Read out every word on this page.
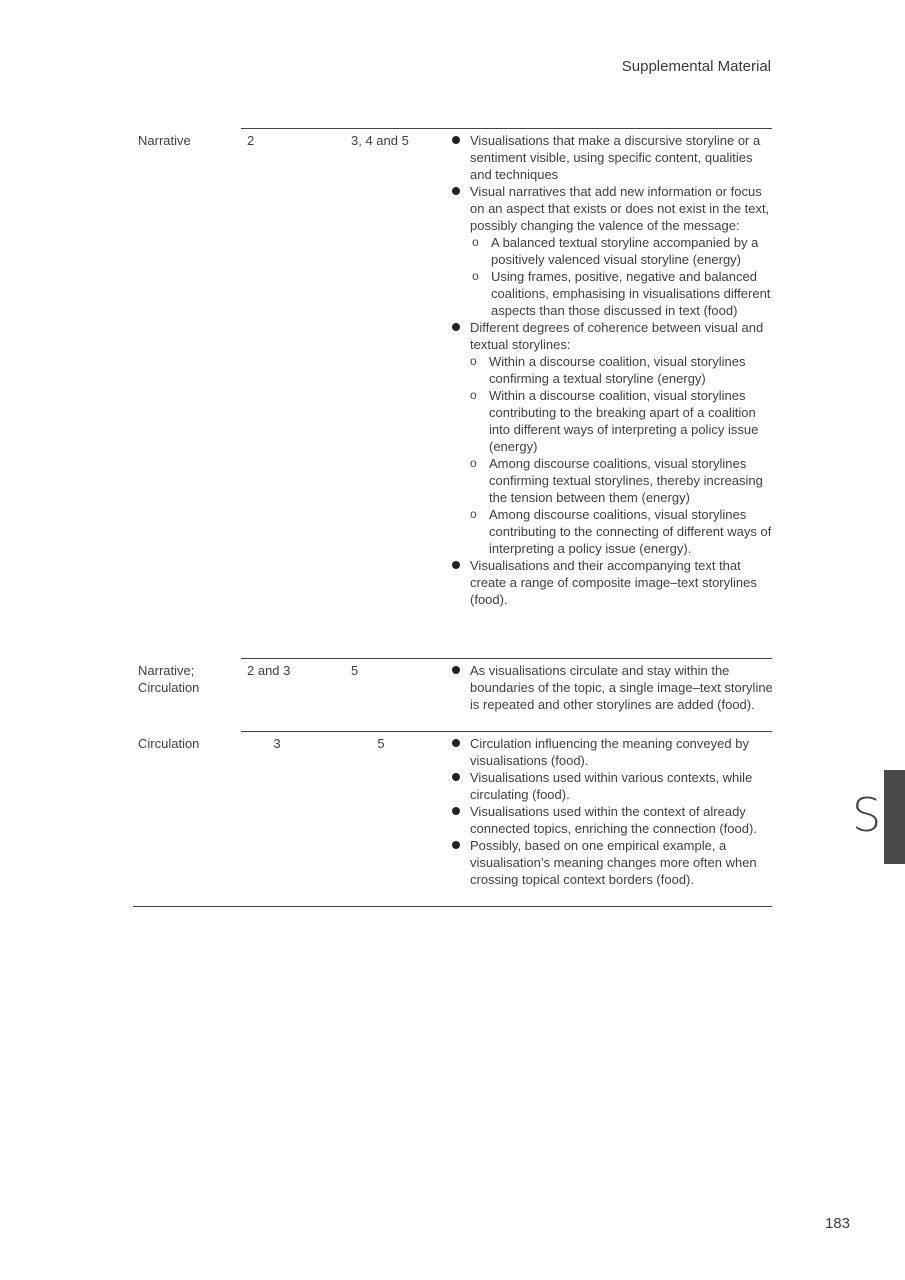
Supplemental Material
Narrative	2	3, 4 and 5	Visualisations that make a discursive storyline or a sentiment visible, using specific content, qualities and techniques
Visual narratives that add new information or focus on an aspect that exists or does not exist in the text, possibly changing the valence of the message:
o A balanced textual storyline accompanied by a positively valenced visual storyline (energy)
o Using frames, positive, negative and balanced coalitions, emphasising in visualisations different aspects than those discussed in text (food)
Different degrees of coherence between visual and textual storylines:
o Within a discourse coalition, visual storylines confirming a textual storyline (energy)
o Within a discourse coalition, visual storylines contributing to the breaking apart of a coalition into different ways of interpreting a policy issue (energy)
o Among discourse coalitions, visual storylines confirming textual storylines, thereby increasing the tension between them (energy)
o Among discourse coalitions, visual storylines contributing to the connecting of different ways of interpreting a policy issue (energy).
Visualisations and their accompanying text that create a range of composite image–text storylines (food).
Narrative;
Circulation
2 and 3	5	As visualisations circulate and stay within the boundaries of the topic, a single image–text storyline is repeated and other storylines are added (food).
Circulation	3	5	Circulation influencing the meaning conveyed by visualisations (food).
Visualisations used within various contexts, while circulating (food).
Visualisations used within the context of already connected topics, enriching the connection (food).
Possibly, based on one empirical example, a visualisation’s meaning changes more often when crossing topical context borders (food).
S
183
